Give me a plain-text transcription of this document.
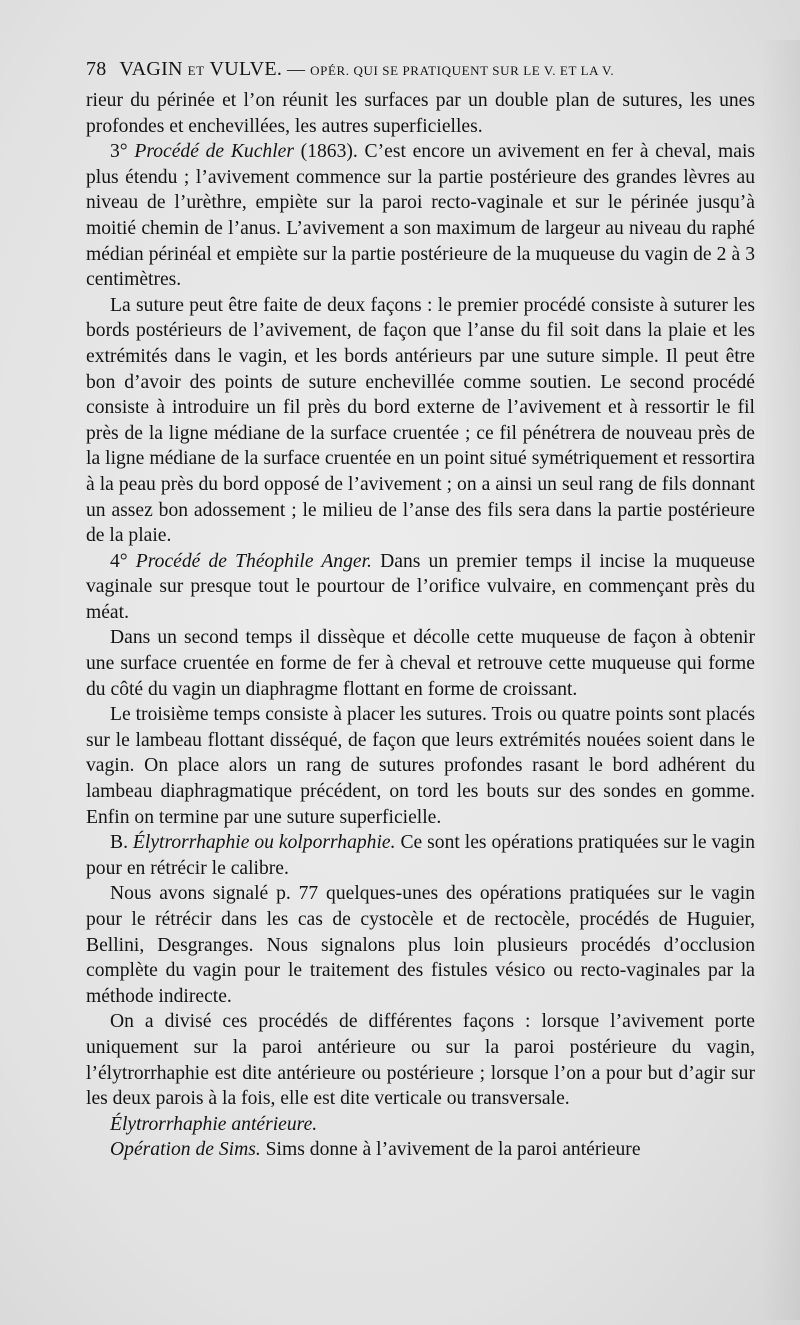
78 VAGIN ET VULVE. — OPÉR. QUI SE PRATIQUENT SUR LE V. ET LA V.

rieur du périnée et l’on réunit les surfaces par un double plan de sutures, les unes profondes et enchevillées, les autres superficielles.

3° Procédé de Kuchler (1863). C’est encore un avivement en fer à cheval, mais plus étendu ; l’avivement commence sur la partie postérieure des grandes lèvres au niveau de l’urèthre, empiète sur la paroi recto-vaginale et sur le périnée jusqu’à moitié chemin de l’anus. L’avivement a son maximum de largeur au niveau du raphé médian périnéal et empiète sur la partie postérieure de la muqueuse du vagin de 2 à 3 centimètres.

La suture peut être faite de deux façons : le premier procédé consiste à suturer les bords postérieurs de l’avivement, de façon que l’anse du fil soit dans la plaie et les extrémités dans le vagin, et les bords antérieurs par une suture simple. Il peut être bon d’avoir des points de suture enchevillée comme soutien. Le second procédé consiste à introduire un fil près du bord externe de l’avivement et à ressortir le fil près de la ligne médiane de la surface cruentée ; ce fil pénétrera de nouveau près de la ligne médiane de la surface cruentée en un point situé symétriquement et ressortira à la peau près du bord opposé de l’avivement ; on a ainsi un seul rang de fils donnant un assez bon adossement ; le milieu de l’anse des fils sera dans la partie postérieure de la plaie.

4° Procédé de Théophile Anger. Dans un premier temps il incise la muqueuse vaginale sur presque tout le pourtour de l’orifice vulvaire, en commençant près du méat.

Dans un second temps il dissèque et décolle cette muqueuse de façon à obtenir une surface cruentée en forme de fer à cheval et retrouve cette muqueuse qui forme du côté du vagin un diaphragme flottant en forme de croissant.

Le troisième temps consiste à placer les sutures. Trois ou quatre points sont placés sur le lambeau flottant disséqué, de façon que leurs extrémités nouées soient dans le vagin. On place alors un rang de sutures profondes rasant le bord adhérent du lambeau diaphragmatique précédent, on tord les bouts sur des sondes en gomme. Enfin on termine par une suture superficielle.

B. Élytrorrhaphie ou kolporrhaphie. Ce sont les opérations pratiquées sur le vagin pour en rétrécir le calibre.

Nous avons signalé p. 77 quelques-unes des opérations pratiquées sur le vagin pour le rétrécir dans les cas de cystocèle et de rectocèle, procédés de Huguier, Bellini, Desgranges. Nous signalons plus loin plusieurs procédés d’occlusion complète du vagin pour le traitement des fistules vésico ou recto-vaginales par la méthode indirecte.

On a divisé ces procédés de différentes façons : lorsque l’avivement porte uniquement sur la paroi antérieure ou sur la paroi postérieure du vagin, l’élytrorrhaphie est dite antérieure ou postérieure ; lorsque l’on a pour but d’agir sur les deux parois à la fois, elle est dite verticale ou transversale.

Élytrorrhaphie antérieure.

Opération de Sims. Sims donne à l’avivement de la paroi antérieure
